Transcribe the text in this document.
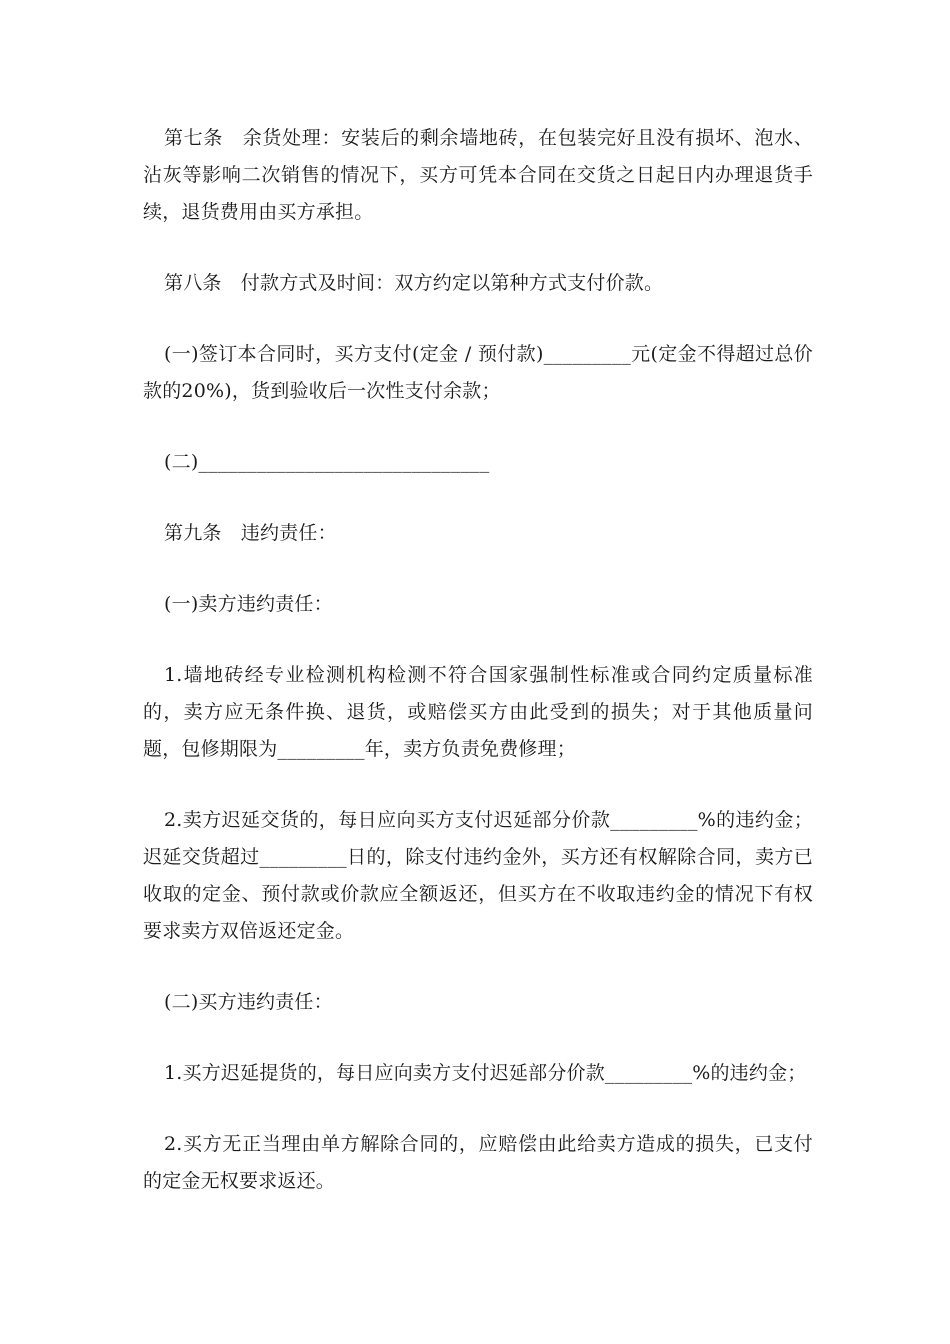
第七条　余货处理：安装后的剩余墙地砖，在包装完好且没有损坏、泡水、沾灰等影响二次销售的情况下，买方可凭本合同在交货之日起日内办理退货手续，退货费用由买方承担。

第八条　付款方式及时间：双方约定以第种方式支付价款。

(一)签订本合同时，买方支付(定金 / 预付款)_________元(定金不得超过总价款的20%)，货到验收后一次性支付余款；

(二)______________________________

第九条　违约责任：

(一)卖方违约责任：

1.墙地砖经专业检测机构检测不符合国家强制性标准或合同约定质量标准的，卖方应无条件换、退货，或赔偿买方由此受到的损失；对于其他质量问题，包修期限为_________年，卖方负责免费修理；

2.卖方迟延交货的，每日应向买方支付迟延部分价款_________%的违约金；迟延交货超过_________日的，除支付违约金外，买方还有权解除合同，卖方已收取的定金、预付款或价款应全额返还，但买方在不收取违约金的情况下有权要求卖方双倍返还定金。

(二)买方违约责任：

1.买方迟延提货的，每日应向卖方支付迟延部分价款_________%的违约金；

2.买方无正当理由单方解除合同的，应赔偿由此给卖方造成的损失，已支付的定金无权要求返还。
